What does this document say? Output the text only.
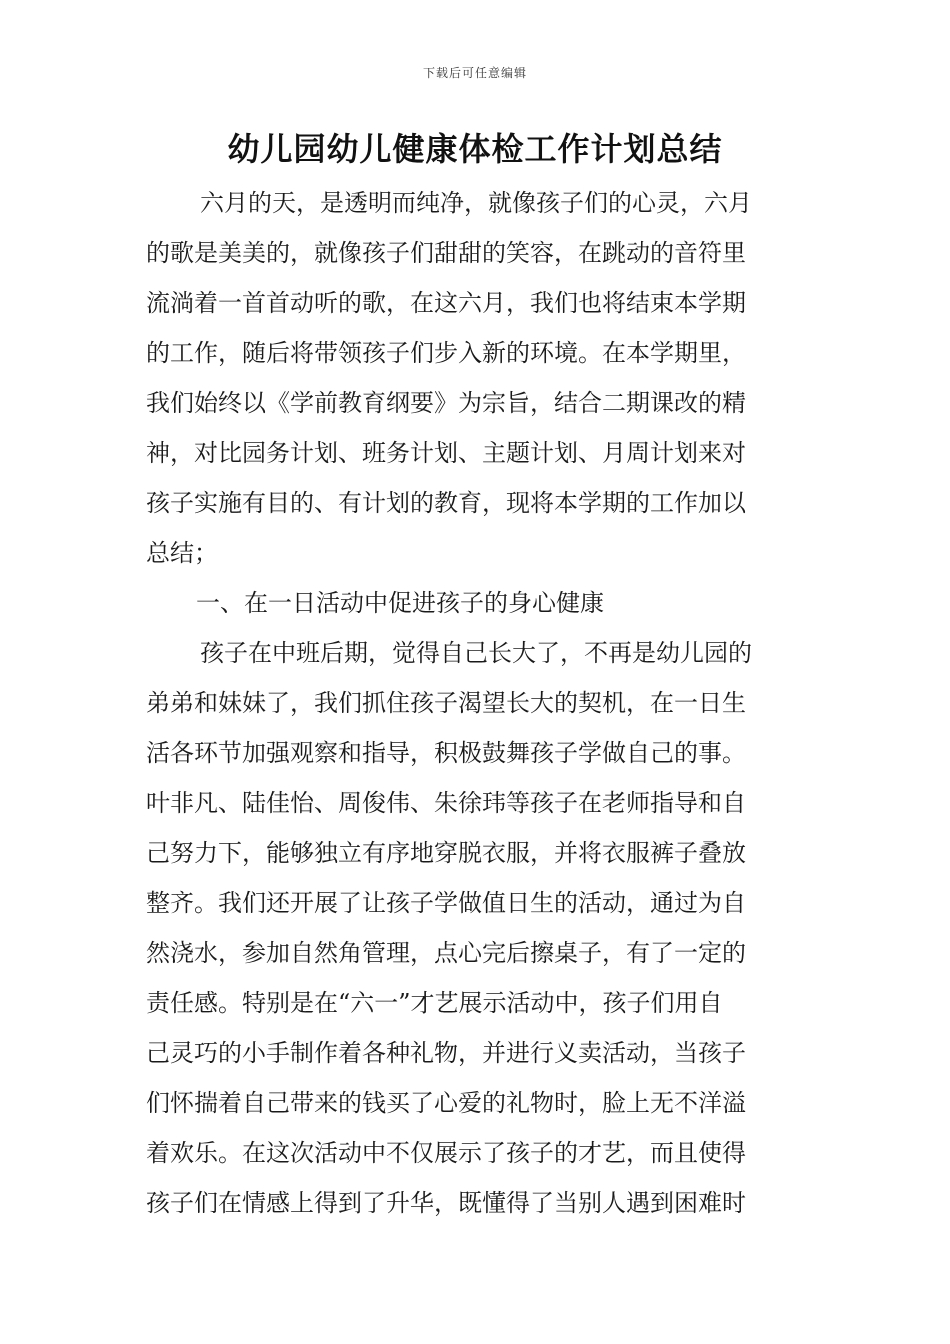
下载后可任意编辑
幼儿园幼儿健康体检工作计划总结
六月的天，是透明而纯净，就像孩子们的心灵，六月
的歌是美美的，就像孩子们甜甜的笑容，在跳动的音符里
流淌着一首首动听的歌，在这六月，我们也将结束本学期
的工作，随后将带领孩子们步入新的环境。在本学期里，
我们始终以《学前教育纲要》为宗旨，结合二期课改的精
神，对比园务计划、班务计划、主题计划、月周计划来对
孩子实施有目的、有计划的教育，现将本学期的工作加以
总结；
一、在一日活动中促进孩子的身心健康
孩子在中班后期，觉得自己长大了，不再是幼儿园的
弟弟和妹妹了，我们抓住孩子渴望长大的契机，在一日生
活各环节加强观察和指导，积极鼓舞孩子学做自己的事。
叶非凡、陆佳怡、周俊伟、朱徐玮等孩子在老师指导和自
己努力下，能够独立有序地穿脱衣服，并将衣服裤子叠放
整齐。我们还开展了让孩子学做值日生的活动，通过为自
然浇水，参加自然角管理，点心完后擦桌子，有了一定的
责任感。特别是在“六一”才艺展示活动中，孩子们用自
己灵巧的小手制作着各种礼物，并进行义卖活动，当孩子
们怀揣着自己带来的钱买了心爱的礼物时，脸上无不洋溢
着欢乐。在这次活动中不仅展示了孩子的才艺，而且使得
孩子们在情感上得到了升华，既懂得了当别人遇到困难时
